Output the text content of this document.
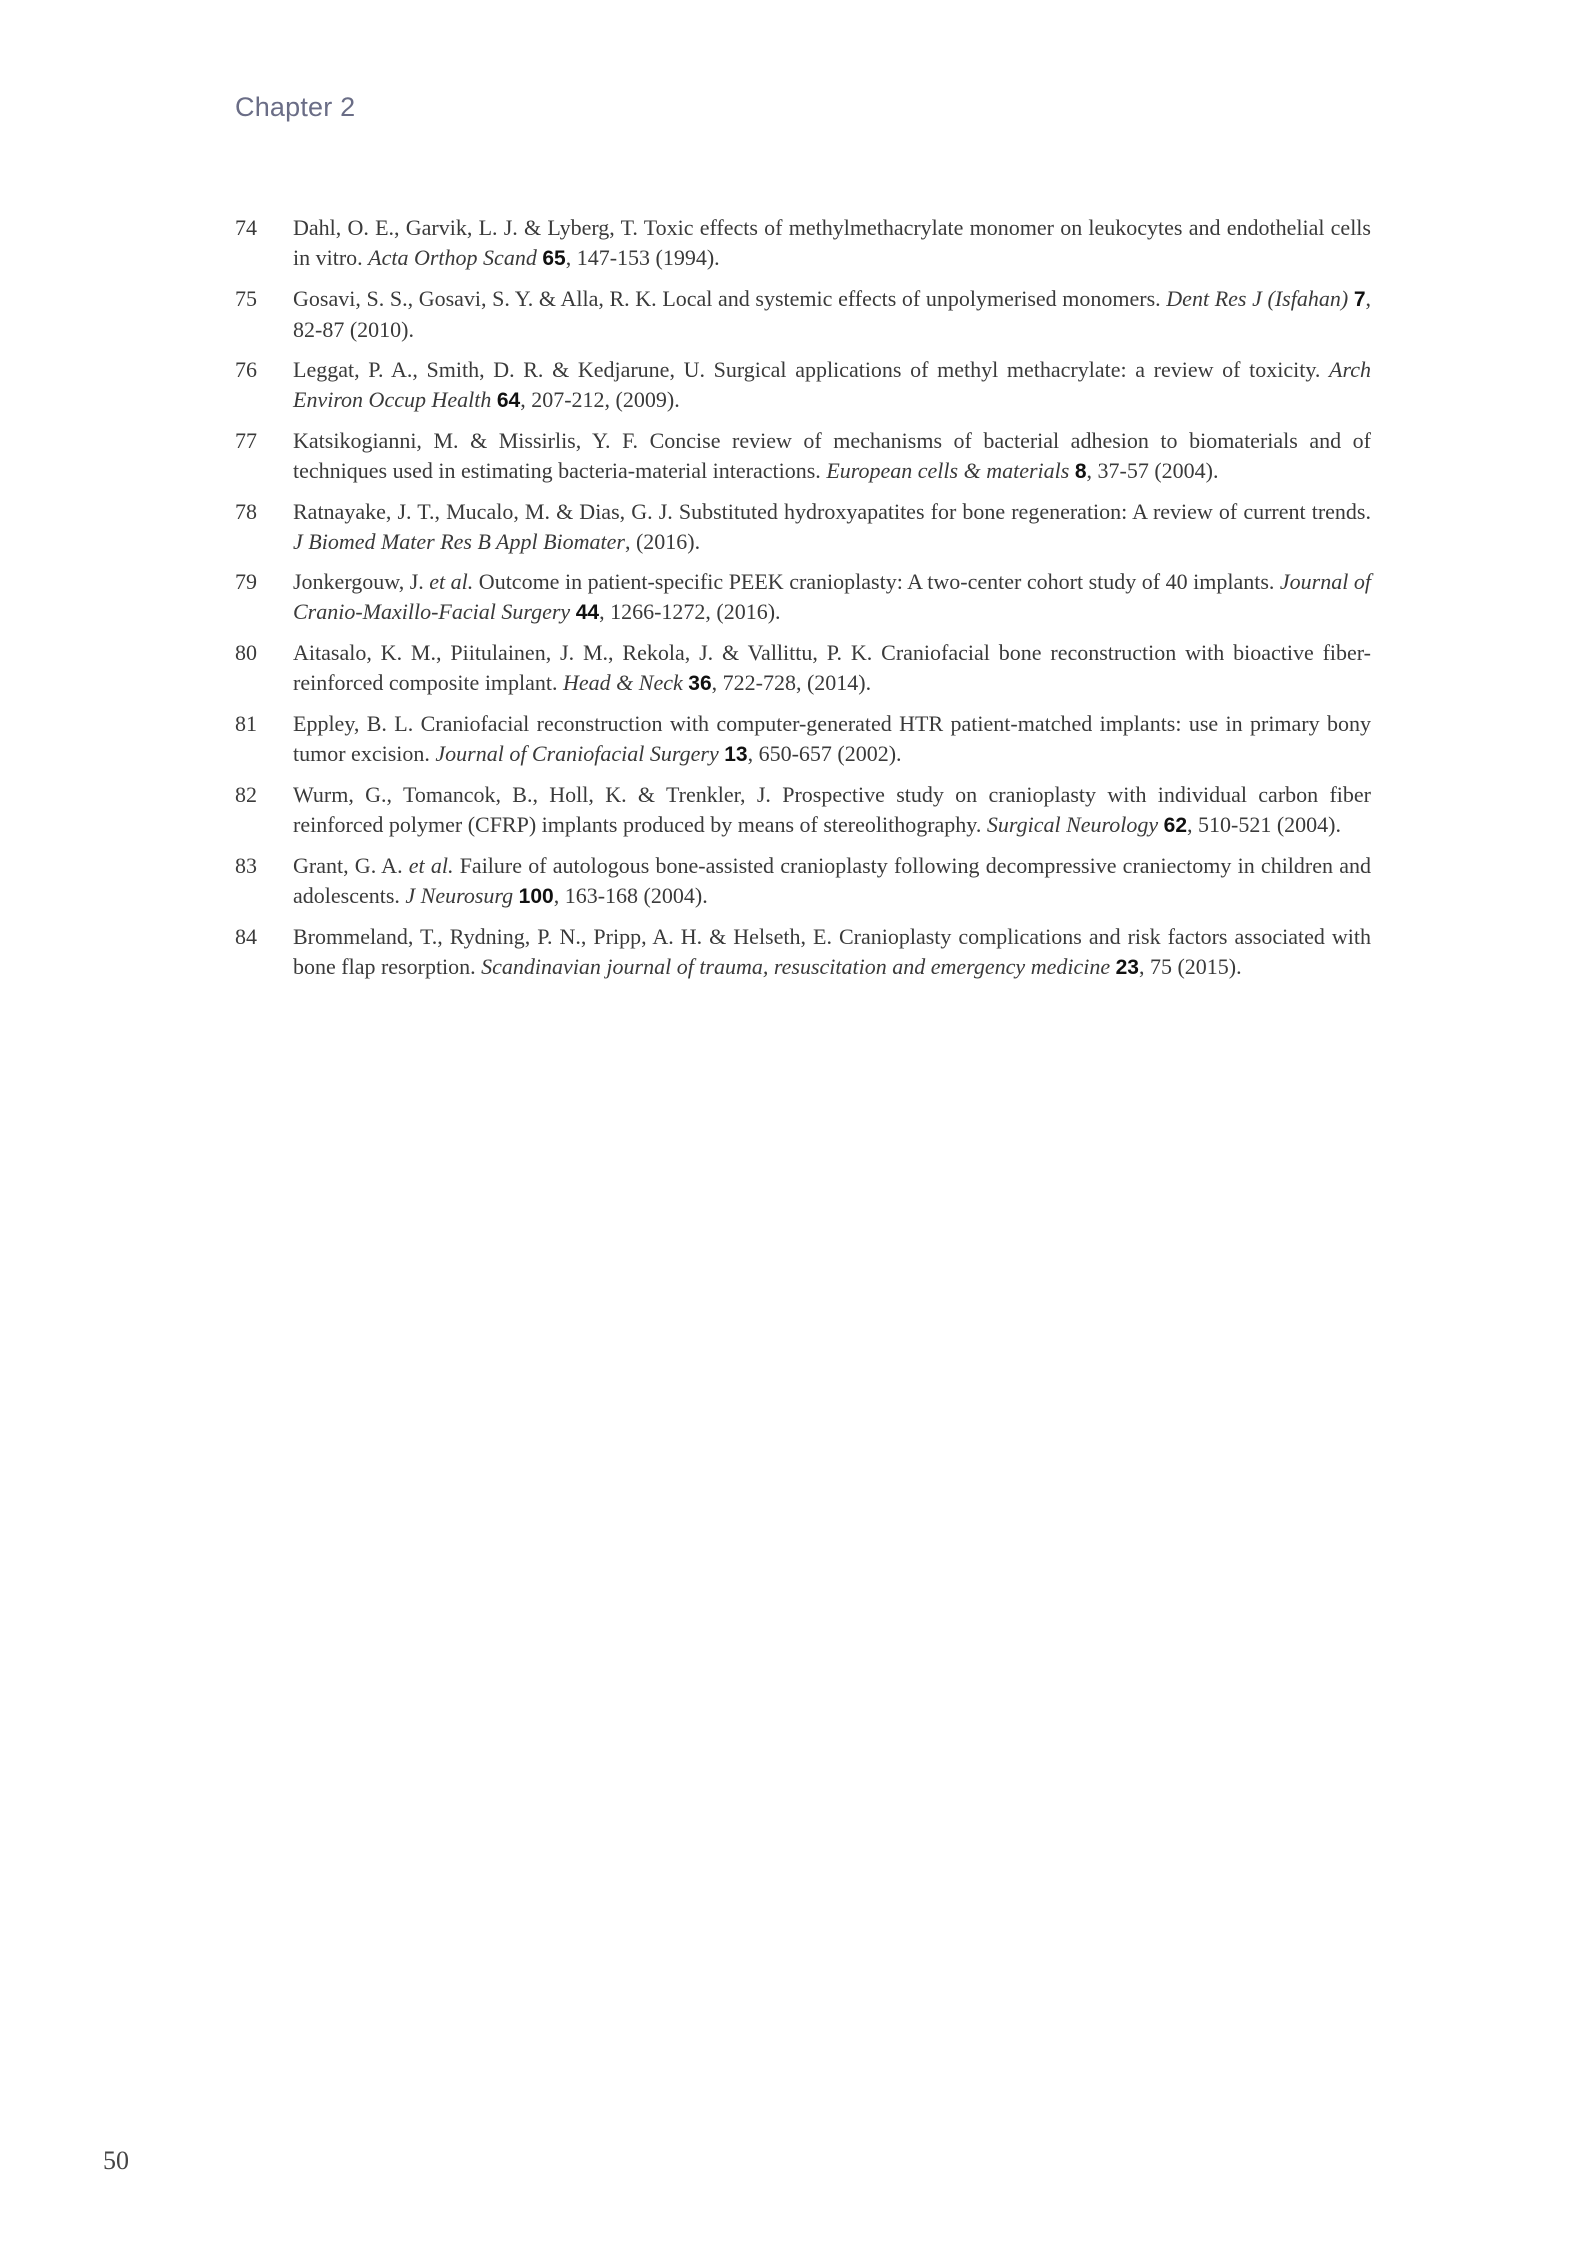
Chapter 2
74	Dahl, O. E., Garvik, L. J. & Lyberg, T. Toxic effects of methylmethacrylate monomer on leukocytes and endothelial cells in vitro. Acta Orthop Scand 65, 147-153 (1994).
75	Gosavi, S. S., Gosavi, S. Y. & Alla, R. K. Local and systemic effects of unpolymerised monomers. Dent Res J (Isfahan) 7, 82-87 (2010).
76	Leggat, P. A., Smith, D. R. & Kedjarune, U. Surgical applications of methyl methacrylate: a review of toxicity. Arch Environ Occup Health 64, 207-212, (2009).
77	Katsikogianni, M. & Missirlis, Y. F. Concise review of mechanisms of bacterial adhesion to biomaterials and of techniques used in estimating bacteria-material interactions. European cells & materials 8, 37-57 (2004).
78	Ratnayake, J. T., Mucalo, M. & Dias, G. J. Substituted hydroxyapatites for bone regeneration: A review of current trends. J Biomed Mater Res B Appl Biomater, (2016).
79	Jonkergouw, J. et al. Outcome in patient-specific PEEK cranioplasty: A two-center cohort study of 40 implants. Journal of Cranio-Maxillo-Facial Surgery 44, 1266-1272, (2016).
80	Aitasalo, K. M., Piitulainen, J. M., Rekola, J. & Vallittu, P. K. Craniofacial bone reconstruction with bioactive fiber-reinforced composite implant. Head & Neck 36, 722-728, (2014).
81	Eppley, B. L. Craniofacial reconstruction with computer-generated HTR patient-matched implants: use in primary bony tumor excision. Journal of Craniofacial Surgery 13, 650-657 (2002).
82	Wurm, G., Tomancok, B., Holl, K. & Trenkler, J. Prospective study on cranioplasty with individual carbon fiber reinforced polymer (CFRP) implants produced by means of stereolithography. Surgical Neurology 62, 510-521 (2004).
83	Grant, G. A. et al. Failure of autologous bone-assisted cranioplasty following decompressive craniectomy in children and adolescents. J Neurosurg 100, 163-168 (2004).
84	Brommeland, T., Rydning, P. N., Pripp, A. H. & Helseth, E. Cranioplasty complications and risk factors associated with bone flap resorption. Scandinavian journal of trauma, resuscitation and emergency medicine 23, 75 (2015).
50
